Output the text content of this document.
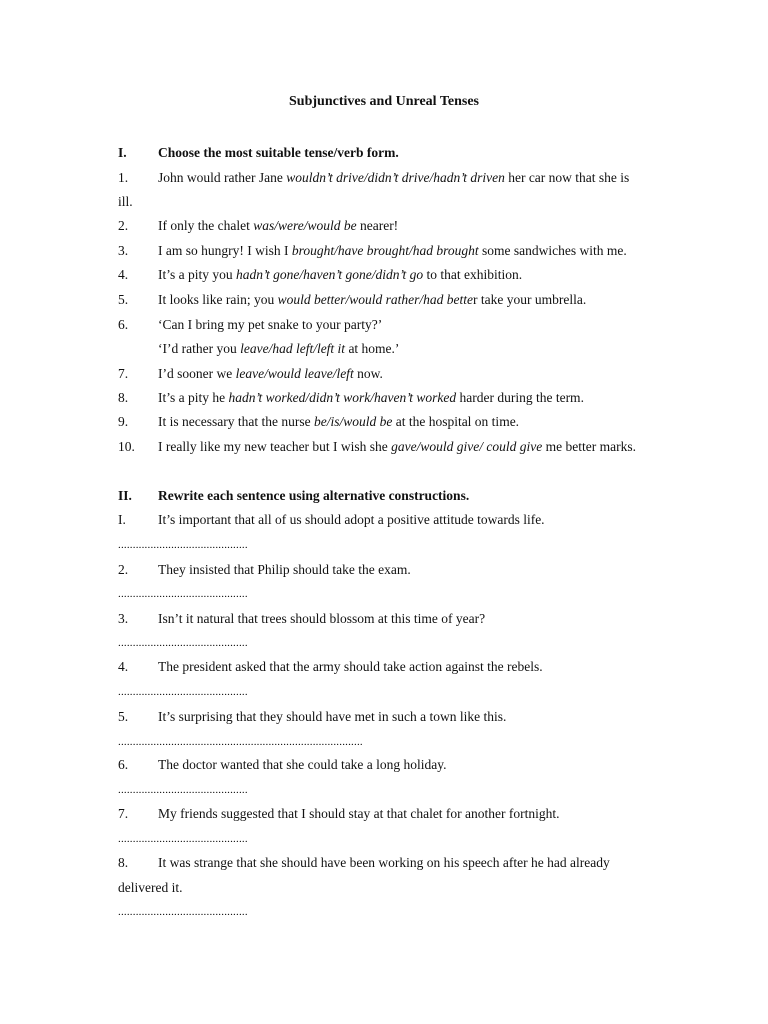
Subjunctives and Unreal Tenses
I. Choose the most suitable tense/verb form.
1. John would rather Jane wouldn’t drive/didn’t drive/hadn’t driven her car now that she is
ill.
2. If only the chalet was/were/would be nearer!
3. I am so hungry! I wish I brought/have brought/had brought some sandwiches with me.
4. It’s a pity you hadn’t gone/haven’t gone/didn’t go to that exhibition.
5. It looks like rain; you would better/would rather/had better take your umbrella.
6. ‘Can I bring my pet snake to your party?’
‘I’d rather you leave/had left/left it at home.’
7. I’d sooner we leave/would leave/left now.
8. It’s a pity he hadn’t worked/didn’t work/haven’t worked harder during the term.
9. It is necessary that the nurse be/is/would be at the hospital on time.
10. I really like my new teacher but I wish she gave/would give/ could give me better marks.
II. Rewrite each sentence using alternative constructions.
I. It’s important that all of us should adopt a positive attitude towards life.
............................................
2. They insisted that Philip should take the exam.
............................................
3. Isn’t it natural that trees should blossom at this time of year?
............................................
4. The president asked that the army should take action against the rebels.
............................................
5. It’s surprising that they should have met in such a town like this.
...................................................................................
6. The doctor wanted that she could take a long holiday.
............................................
7. My friends suggested that I should stay at that chalet for another fortnight.
............................................
8. It was strange that she should have been working on his speech after he had already
delivered it.
............................................
